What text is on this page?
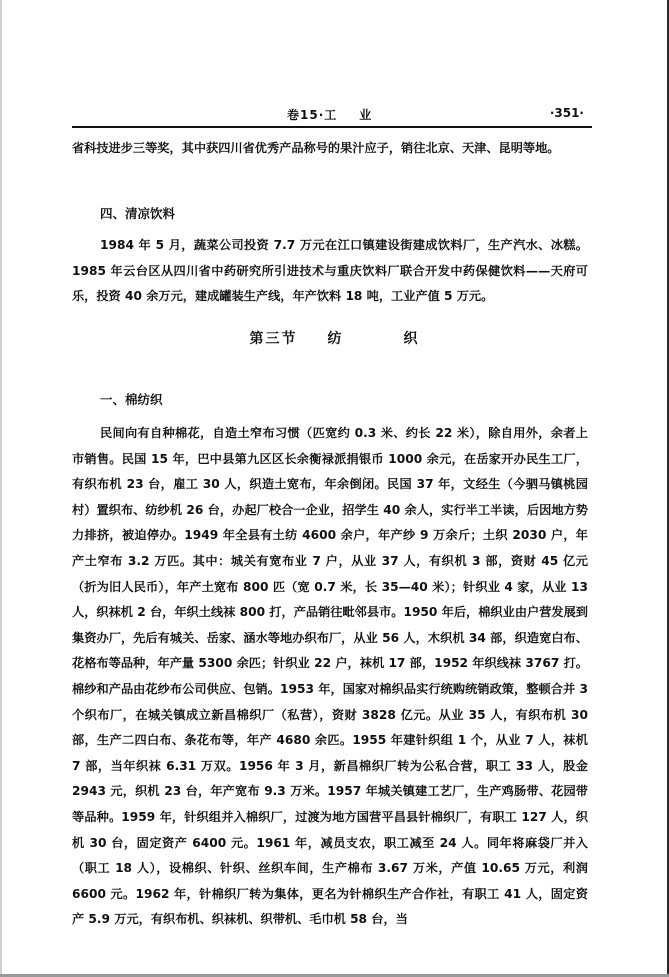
卷15·工 业	·351·

省科技进步三等奖，其中获四川省优秀产品称号的果汁应子，销往北京、天津、昆明等地。

四、清凉饮料

1984 年 5 月，蔬菜公司投资 7.7 万元在江口镇建设街建成饮料厂，生产汽水、冰糕。1985 年云台区从四川省中药研究所引进技术与重庆饮料厂联合开发中药保健饮料——天府可乐，投资 40 余万元，建成罐装生产线，年产饮料 18 吨，工业产值 5 万元。

第三节 纺	织
一、棉纺织

民间向有自种棉花，自造土窄布习惯（匹宽约 0.3 米、约长 22 米），除自用外，余者上市销售。民国 15 年，巴中县第九区区长余衡禄派捐银币 1000 余元，在岳家开办民生工厂，有织布机 23 台，雇工 30 人，织造土宽布，年余倒闭。民国 37 年，文经生（今驷马镇桃园村）置织布、纺纱机 26 台，办起厂校合一企业，招学生 40 余人，实行半工半读，后因地方势力排挤，被迫停办。1949 年全县有土纺 4600 余户，年产纱 9 万余斤；土织 2030 户，年产土窄布 3.2 万匹。其中：城关有宽布业 7 户，从业 37 人，有织机 3 部，资财 45 亿元（折为旧人民币），年产土宽布 800 匹（宽 0.7 米，长 35—40 米）；针织业 4 家，从业 13 人，织袜机 2 台，年织土线袜 800 打，产品销往毗邻县市。1950 年后，棉织业由户营发展到集资办厂，先后有城关、岳家、涵水等地办织布厂，从业 56 人，木织机 34 部，织造宽白布、花格布等品种，年产量 5300 余匹；针织业 22 户，袜机 17 部，1952 年织线袜 3767 打。棉纱和产品由花纱布公司供应、包销。1953 年，国家对棉织品实行统购统销政策，整顿合并 3 个织布厂，在城关镇成立新昌棉织厂（私营），资财 3828 亿元。从业 35 人，有织布机 30 部，生产二四白布、条花布等，年产 4680 余匹。1955 年建针织组 1 个，从业 7 人，袜机 7 部，当年织袜 6.31 万双。1956 年 3 月，新昌棉织厂转为公私合营，职工 33 人，股金 2943 元，织机 23 台，年产宽布 9.3 万米。1957 年城关镇建工艺厂，生产鸡肠带、花园带等品种。1959 年，针织组并入棉织厂，过渡为地方国营平昌县针棉织厂，有职工 127 人，织机 30 台，固定资产 6400 元。1961 年，减员支农，职工减至 24 人。同年将麻袋厂并入（职工 18 人），设棉织、针织、丝织车间，生产棉布 3.67 万米，产值 10.65 万元，利润 6600 元。1962 年，针棉织厂转为集体，更名为针棉织生产合作社，有职工 41 人，固定资产 5.9 万元，有织布机、织袜机、织带机、毛巾机 58 台，当
